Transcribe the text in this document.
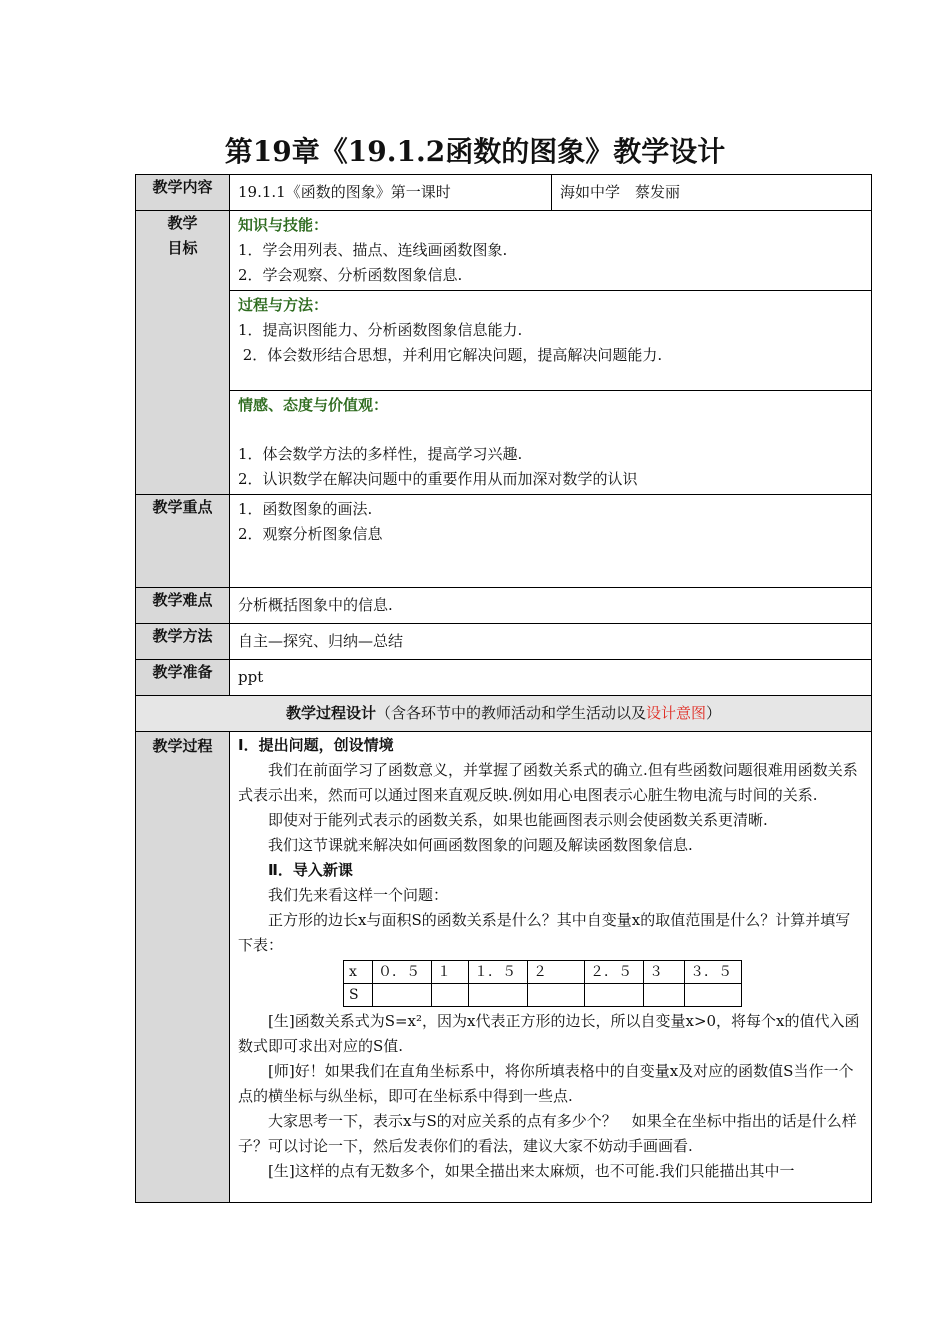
第19章《19.1.2函数的图象》教学设计
教学内容	19.1.1《函数的图象》第一课时	海如中学　蔡发丽

教学
目标

知识与技能：
1．学会用列表、描点、连线画函数图象.
2．学会观察、分析函数图象信息.

过程与方法：
1．提高识图能力、分析函数图象信息能力.
2．体会数形结合思想，并利用它解决问题，提高解决问题能力.

情感、态度与价值观：
1．体会数学方法的多样性，提高学习兴趣.
2．认识数学在解决问题中的重要作用从而加深对数学的认识

教学重点	1．函数图象的画法.
2．观察分析图象信息

教学难点	分析概括图象中的信息.

教学方法	自主—探究、归纳—总结

教学准备	ppt

教学过程设计（含各环节中的教师活动和学生活动以及设计意图）
教学过程	Ⅰ．提出问题，创设情境

我们在前面学习了函数意义，并掌握了函数关系式的确立.但有些函数问题很难用函数关系式表示出来，然而可以通过图来直观反映.例如用心电图表示心脏生物电流与时间的关系.

即使对于能列式表示的函数关系，如果也能画图表示则会使函数关系更清晰.

我们这节课就来解决如何画函数图象的问题及解读函数图象信息.

Ⅱ．导入新课

我们先来看这样一个问题：

正方形的边长x与面积S的函数关系是什么？其中自变量x的取值范围是什么？计算并填写下表：

x	０．５	１	１．５	２	２．５	３	３．５
S							

[生]函数关系式为S=x²，因为x代表正方形的边长，所以自变量x>0，将每个x的值代入函数式即可求出对应的S值.

[师]好！如果我们在直角坐标系中，将你所填表格中的自变量x及对应的函数值S当作一个点的横坐标与纵坐标，即可在坐标系中得到一些点.

大家思考一下，表示x与S的对应关系的点有多少个？　如果全在坐标中指出的话是什么样子？可以讨论一下，然后发表你们的看法，建议大家不妨动手画画看.

[生]这样的点有无数多个，如果全描出来太麻烦，也不可能.我们只能描出其中一
